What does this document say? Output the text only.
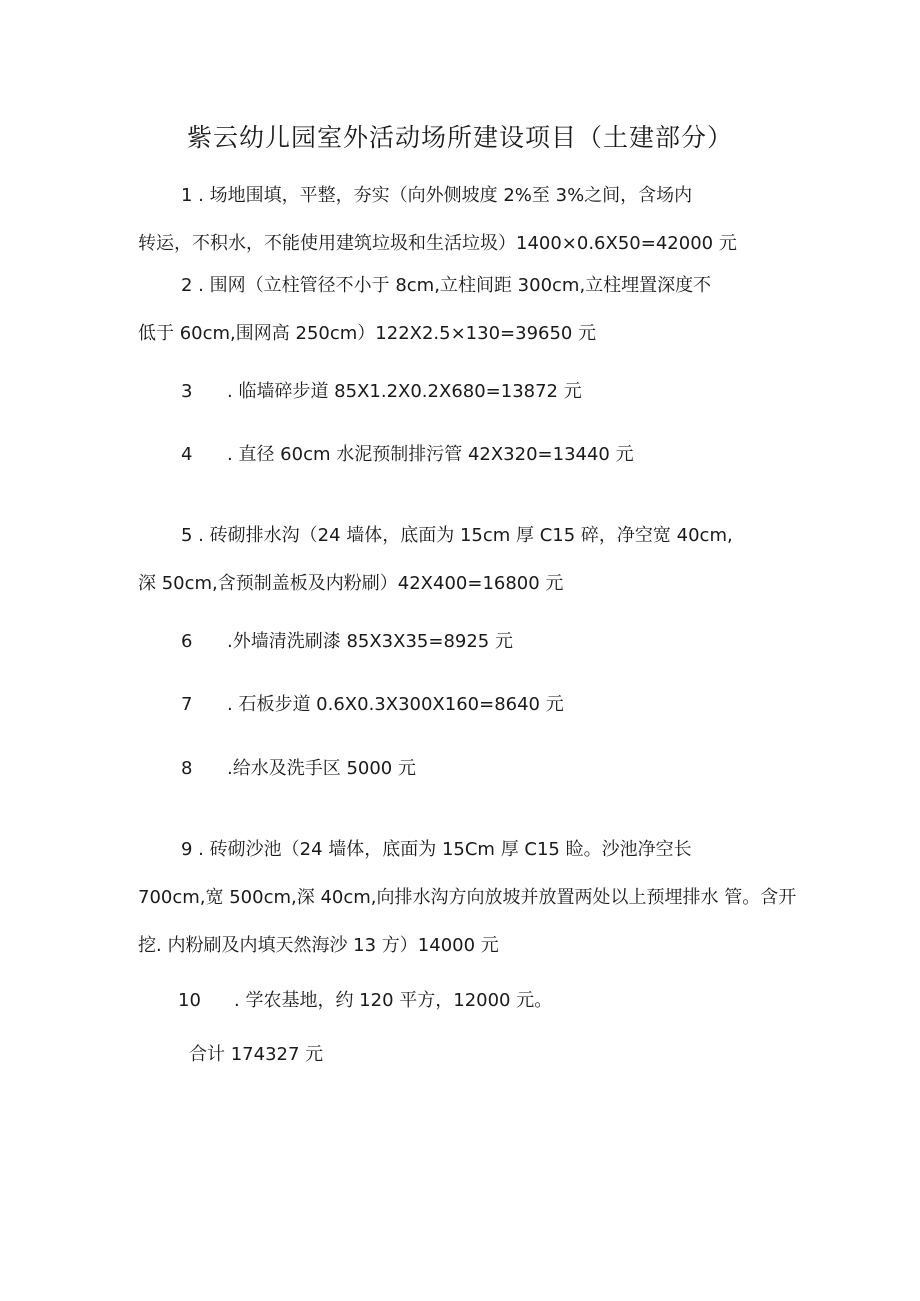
紫云幼儿园室外活动场所建设项目（土建部分）
1 . 场地围填，平整，夯实（向外侧坡度 2%至 3%之间，含场内
转运，不积水，不能使用建筑垃圾和生活垃圾）1400×0.6X50=42000 元
2 . 围网（立柱管径不小于 8cm,立柱间距 300cm,立柱埋置深度不
低于 60cm,围网高 250cm）122X2.5×130=39650 元
3 . 临墙碎步道 85X1.2X0.2X680=13872 元
4 . 直径 60cm 水泥预制排污管 42X320=13440 元
5 . 砖砌排水沟（24 墙体，底面为 15cm 厚 C15 碎，净空宽 40cm,
深 50cm,含预制盖板及内粉刷）42X400=16800 元
6 .外墙清洗刷漆 85X3X35=8925 元
7 . 石板步道 0.6X0.3X300X160=8640 元
8 .给水及洗手区 5000 元
9 . 砖砌沙池（24 墙体，底面为 15Cm 厚 C15 睑。沙池净空长
700cm,宽 500cm,深 40cm,向排水沟方向放坡并放置两处以上预埋排水 管。含开挖. 内粉刷及内填天然海沙 13 方）14000 元
10 . 学农基地，约 120 平方，12000 元。
合计 174327 元
